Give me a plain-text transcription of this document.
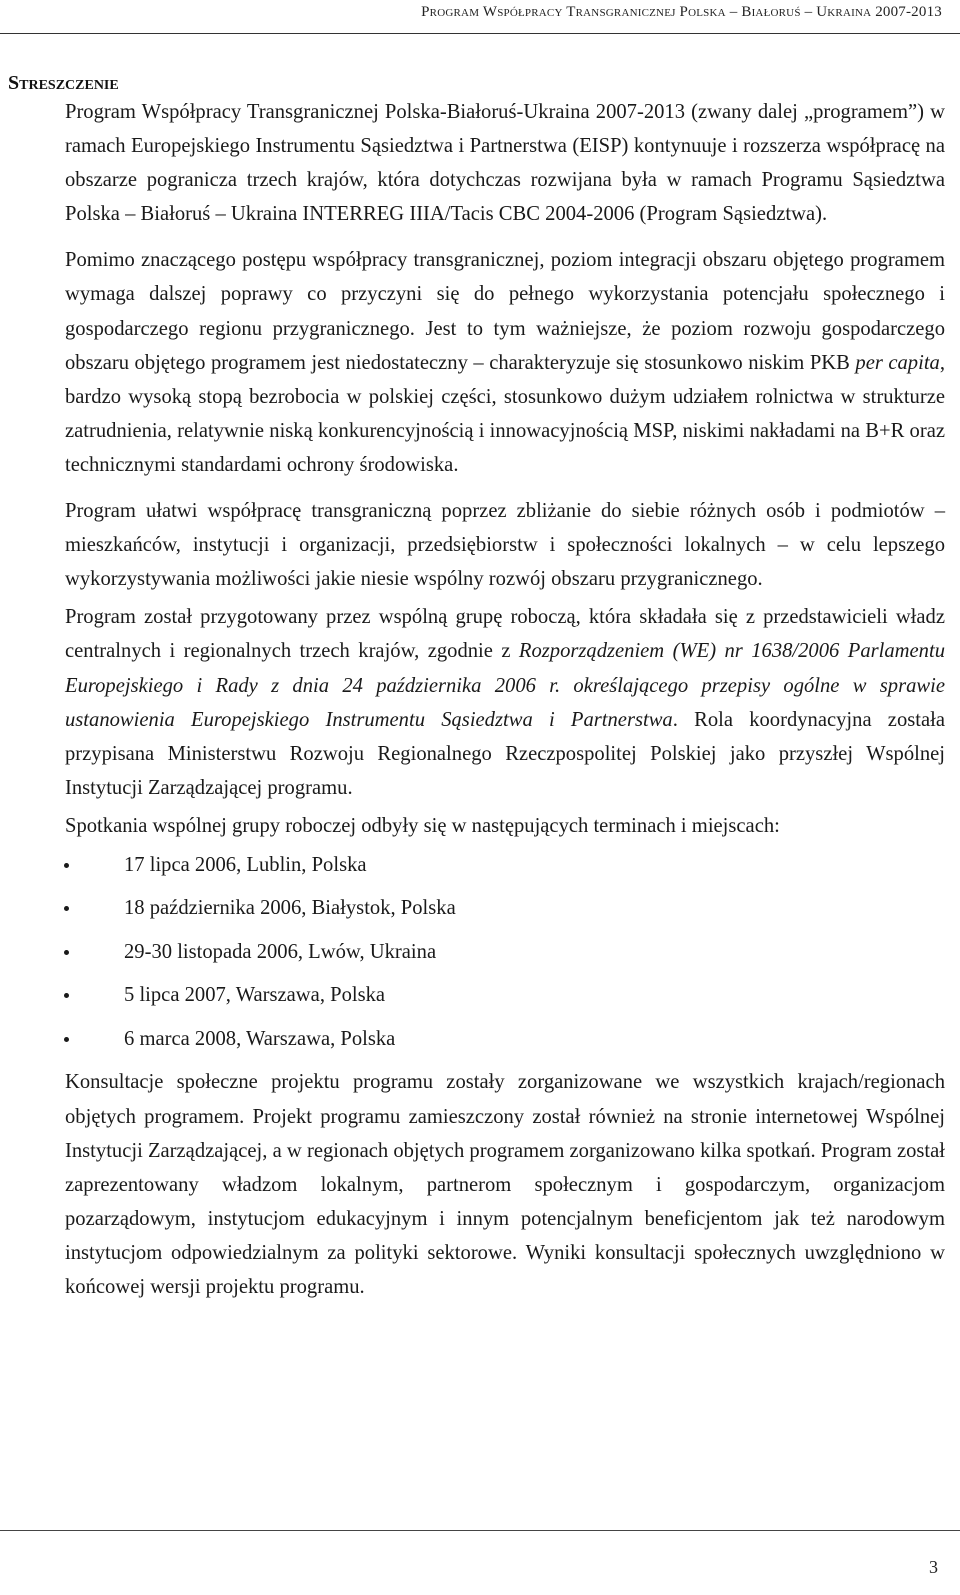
Program Współpracy Transgranicznej Polska – Białoruś – Ukraina 2007-2013
Streszczenie

Program Współpracy Transgranicznej Polska-Białoruś-Ukraina 2007-2013 (zwany dalej „programem”) w ramach Europejskiego Instrumentu Sąsiedztwa i Partnerstwa (EISP) kontynuuje i rozszerza współpracę na obszarze pogranicza trzech krajów, która dotychczas rozwijana była w ramach Programu Sąsiedztwa Polska – Białoruś – Ukraina INTERREG IIIA/Tacis CBC 2004-2006 (Program Sąsiedztwa).

Pomimo znaczącego postępu współpracy transgranicznej, poziom integracji obszaru objętego programem wymaga dalszej poprawy co przyczyni się do pełnego wykorzystania potencjału społecznego i gospodarczego regionu przygranicznego. Jest to tym ważniejsze, że poziom rozwoju gospodarczego obszaru objętego programem jest niedostateczny – charakteryzuje się stosunkowo niskim PKB per capita, bardzo wysoką stopą bezrobocia w polskiej części, stosunkowo dużym udziałem rolnictwa w strukturze zatrudnienia, relatywnie niską konkurencyjnością i innowacyjnością MSP, niskimi nakładami na B+R oraz technicznymi standardami ochrony środowiska.

Program ułatwi współpracę transgraniczną poprzez zbliżanie do siebie różnych osób i podmiotów – mieszkańców, instytucji i organizacji, przedsiębiorstw i społeczności lokalnych – w celu lepszego wykorzystywania możliwości jakie niesie wspólny rozwój obszaru przygranicznego.

Program został przygotowany przez wspólną grupę roboczą, która składała się z przedstawicieli władz centralnych i regionalnych trzech krajów, zgodnie z Rozporządzeniem (WE) nr 1638/2006 Parlamentu Europejskiego i Rady z dnia 24 października 2006 r. określającego przepisy ogólne w sprawie ustanowienia Europejskiego Instrumentu Sąsiedztwa i Partnerstwa. Rola koordynacyjna została przypisana Ministerstwu Rozwoju Regionalnego Rzeczpospolitej Polskiej jako przyszłej Wspólnej Instytucji Zarządzającej programu.

Spotkania wspólnej grupy roboczej odbyły się w następujących terminach i miejscach:

17 lipca 2006, Lublin, Polska
18 października 2006, Białystok, Polska
29-30 listopada 2006, Lwów, Ukraina
5 lipca 2007, Warszawa, Polska
6 marca 2008, Warszawa, Polska

Konsultacje społeczne projektu programu zostały zorganizowane we wszystkich krajach/regionach objętych programem. Projekt programu zamieszczony został również na stronie internetowej Wspólnej Instytucji Zarządzającej, a w regionach objętych programem zorganizowano kilka spotkań. Program został zaprezentowany władzom lokalnym, partnerom społecznym i gospodarczym, organizacjom pozarządowym, instytucjom edukacyjnym i innym potencjalnym beneficjentom jak też narodowym instytucjom odpowiedzialnym za polityki sektorowe. Wyniki konsultacji społecznych uwzględniono w końcowej wersji projektu programu.

3
